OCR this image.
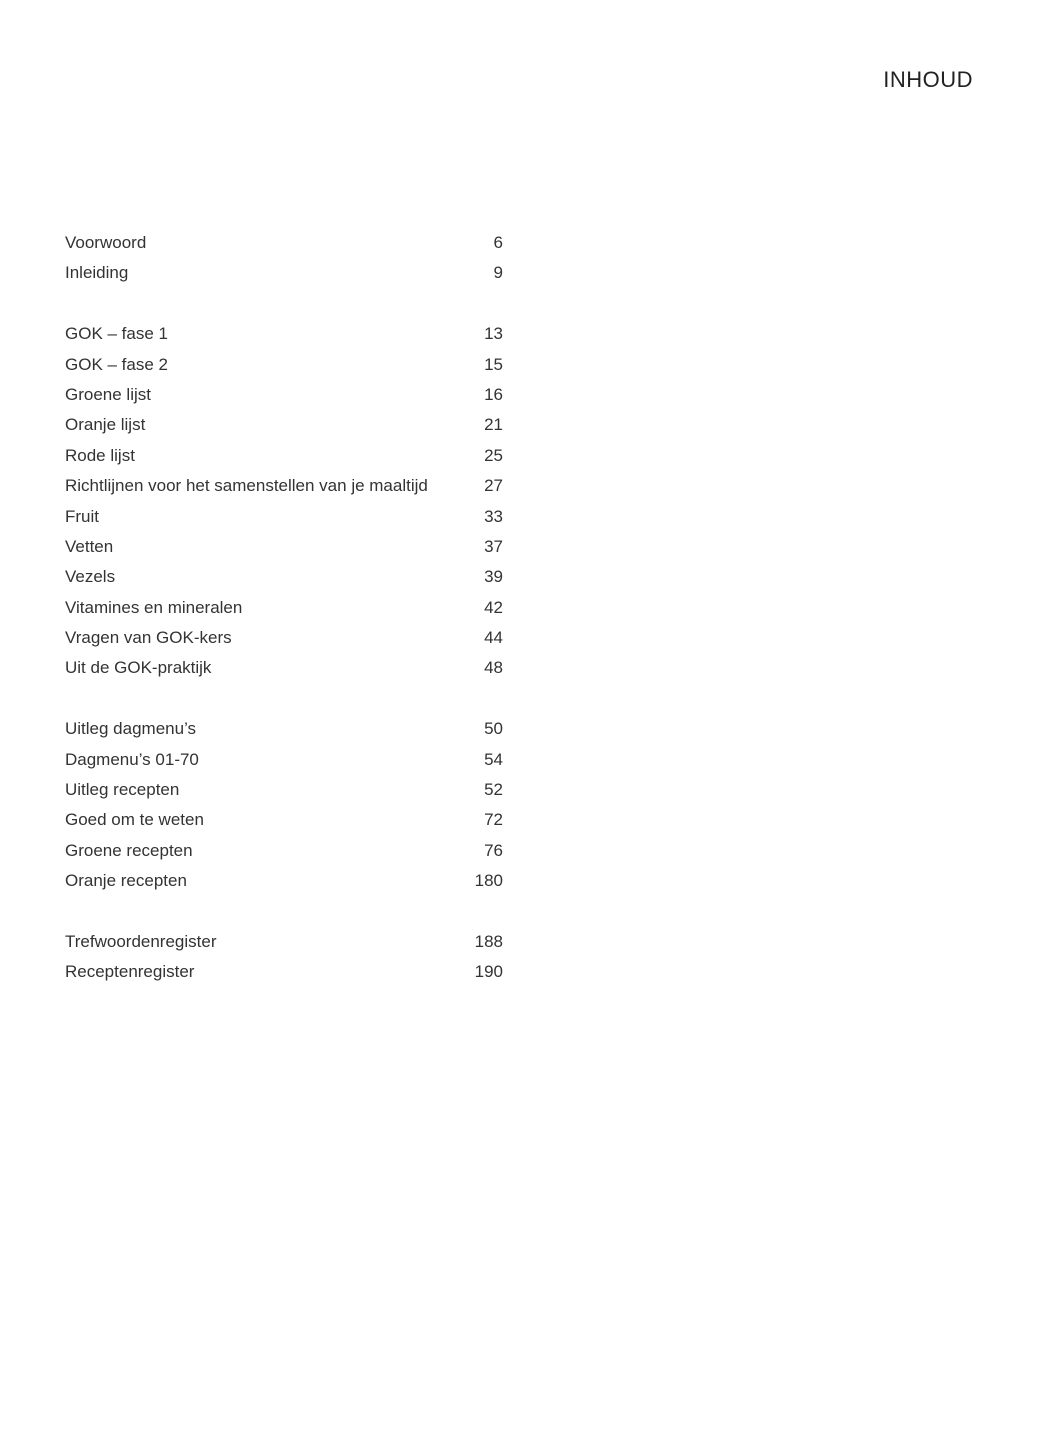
INHOUD
Voorwoord	6
Inleiding	9
GOK – fase 1	13
GOK – fase 2	15
Groene lijst	16
Oranje lijst	21
Rode lijst	25
Richtlijnen voor het samenstellen van je maaltijd	27
Fruit	33
Vetten	37
Vezels	39
Vitamines en mineralen	42
Vragen van GOK-kers	44
Uit de GOK-praktijk	48
Uitleg dagmenu’s	50
Dagmenu’s 01-70	54
Uitleg recepten	52
Goed om te weten	72
Groene recepten	76
Oranje recepten	180
Trefwoordenregister	188
Receptenregister	190
